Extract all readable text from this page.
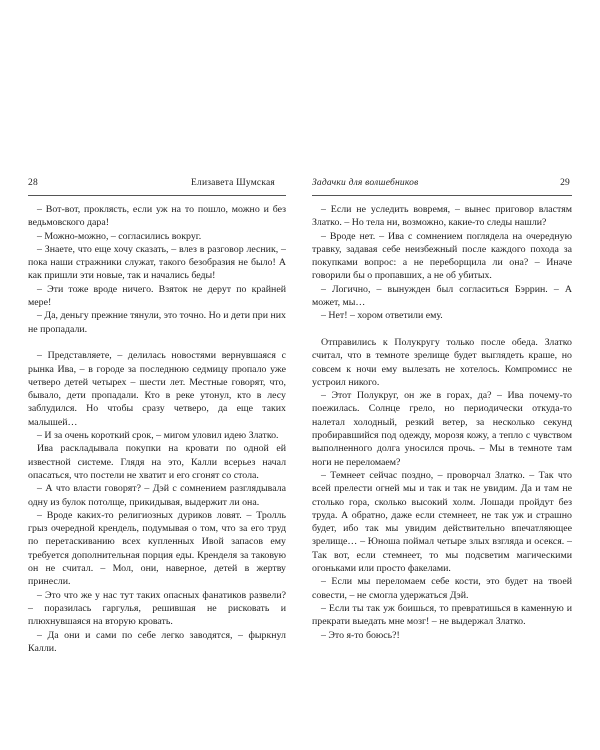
28	Елизавета Шумская

– Вот-вот, проклясть, если уж на то пошло, можно и без ведьмовского дара!

– Можно-можно, – согласились вокруг.

– Знаете, что еще хочу сказать, – влез в разговор лесник, – пока наши стражники служат, такого безобразия не было! А как пришли эти новые, так и начались беды!

– Эти тоже вроде ничего. Взяток не дерут по крайней мере!

– Да, деньгу прежние тянули, это точно. Но и дети при них не пропадали.

– Представляете, – делилась новостями вернувшаяся с рынка Ива, – в городе за последнюю седмицу пропало уже четверо детей четырех – шести лет. Местные говорят, что, бывало, дети пропадали. Кто в реке утонул, кто в лесу заблудился. Но чтобы сразу четверо, да еще таких малышей…

– И за очень короткий срок, – мигом уловил идею Златко.

Ива раскладывала покупки на кровати по одной ей известной системе. Глядя на это, Калли всерьез начал опасаться, что постели не хватит и его сгонят со стола.

– А что власти говорят? – Дэй с сомнением разглядывала одну из булок потолще, прикидывая, выдержит ли она.

– Вроде каких-то религиозных дуриков ловят. – Тролль грыз очередной крендель, подумывая о том, что за его труд по перетаскиванию всех купленных Ивой запасов ему требуется дополнительная порция еды. Кренделя за таковую он не считал. – Мол, они, наверное, детей в жертву принесли.

– Это что же у нас тут таких опасных фанатиков развели? – поразилась гаргулья, решившая не рисковать и плюхнувшаяся на вторую кровать.

– Да они и сами по себе легко заводятся, – фыркнул Калли.

Задачки для волшебников	29

– Если не уследить вовремя, – вынес приговор властям Златко. – Но тела ни, возможно, какие-то следы нашли?

– Вроде нет. – Ива с сомнением поглядела на очередную травку, задавая себе неизбежный после каждого похода за покупками вопрос: а не переборщила ли она? – Иначе говорили бы о пропавших, а не об убитых.

– Логично, – вынужден был согласиться Бэррин. – А может, мы…

– Нет! – хором ответили ему.

Отправились к Полукругу только после обеда. Златко считал, что в темноте зрелище будет выглядеть краше, но совсем к ночи ему вылезать не хотелось. Компромисс не устроил никого.

– Этот Полукруг, он же в горах, да? – Ива почему-то поежилась. Солнце грело, но периодически откуда-то налетал холодный, резкий ветер, за несколько секунд пробиравшийся под одежду, морозя кожу, а тепло с чувством выполненного долга уносился прочь. – Мы в темноте там ноги не переломаем?

– Темнеет сейчас поздно, – проворчал Златко. – Так что всей прелести огней мы и так и так не увидим. Да и там не столько гора, сколько высокий холм. Лошади пройдут без труда. А обратно, даже если стемнеет, не так уж и страшно будет, ибо так мы увидим действительно впечатляющее зрелище… – Юноша поймал четыре злых взгляда и осекся. – Так вот, если стемнеет, то мы подсветим магическими огоньками или просто факелами.

– Если мы переломаем себе кости, это будет на твоей совести, – не смогла удержаться Дэй.

– Если ты так уж боишься, то превратишься в каменную и прекрати выедать мне мозг! – не выдержал Златко.

– Это я-то боюсь?!
